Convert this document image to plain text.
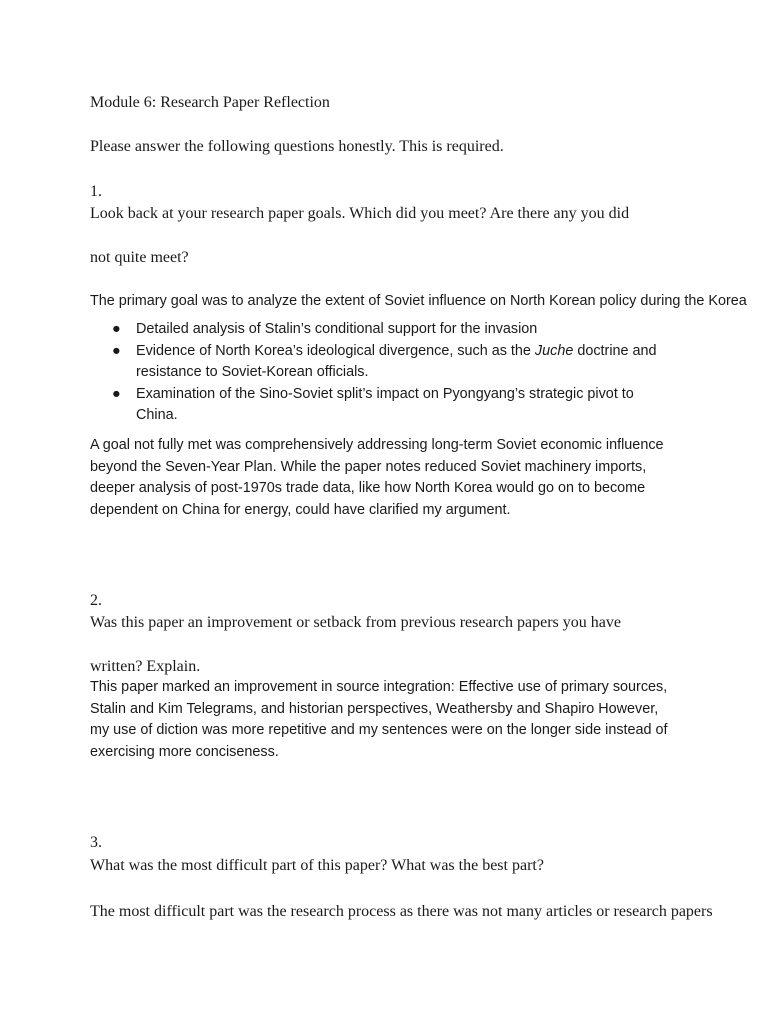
Module 6: Research Paper Reflection

Please answer the following questions honestly. This is required.

1.

Look back at your research paper goals. Which did you meet? Are there any you did

not quite meet?

The primary goal was to analyze the extent of Soviet influence on North Korean policy during the Korea

● Detailed analysis of Stalin’s conditional support for the invasion
● Evidence of North Korea’s ideological divergence, such as the Juche doctrine and resistance to Soviet-Korean officials.
● Examination of the Sino-Soviet split’s impact on Pyongyang’s strategic pivot to China.

A goal not fully met was comprehensively addressing long-term Soviet economic influence beyond the Seven-Year Plan. While the paper notes reduced Soviet machinery imports, deeper analysis of post-1970s trade data, like how North Korea would go on to become dependent on China for energy, could have clarified my argument.

2.

Was this paper an improvement or setback from previous research papers you have

written? Explain.

This paper marked an improvement in source integration: Effective use of primary sources, Stalin and Kim Telegrams, and historian perspectives, Weathersby and Shapiro However, my use of diction was more repetitive and my sentences were on the longer side instead of exercising more conciseness.

3.

What was the most difficult part of this paper? What was the best part?

The most difficult part was the research process as there was not many articles or research papers
